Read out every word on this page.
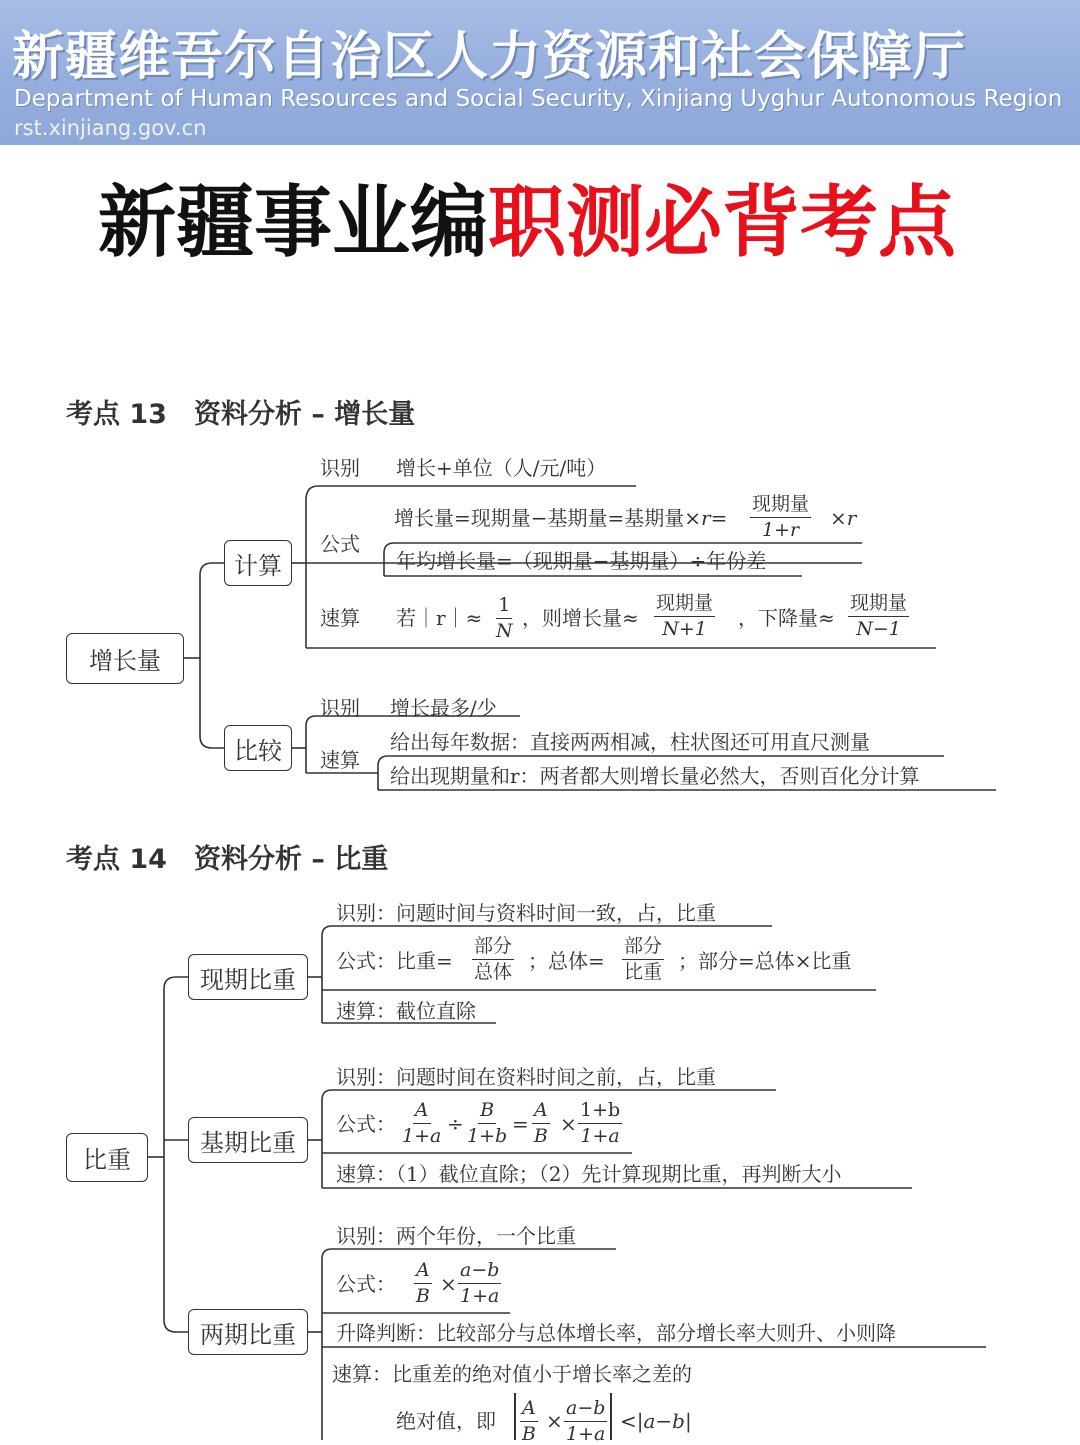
新疆维吾尔自治区人力资源和社会保障厅
Department of Human Resources and Social Security, Xinjiang Uyghur Autonomous Region
rst.xinjiang.gov.cn
新疆事业编职测必背考点
考点 13　资料分析 – 增长量
增长量
计算
比较
识别 增长+单位（人/元/吨）
公式
增长量=现期量−基期量=基期量×r=
现期量
1+r ×r
年均增长量=（现期量−基期量）÷年份差
速算 若｜r｜≈ $\frac{1}{N}$ ，则增长量≈
现期量
N+1 ，下降量≈
现期量
N−1
识别 增长最多/少
速算
给出每年数据：直接两两相减，柱状图还可用直尺测量
给出现期量和r：两者都大则增长量必然大，否则百化分计算
考点 14　资料分析 – 比重
比重
现期比重
基期比重
两期比重
识别：问题时间与资料时间一致，占，比重
公式：比重=
部分
总体 ；总体=
部分
比重 ；部分=总体×比重
速算：截位直除
识别：问题时间在资料时间之前，占，比重
公式： $\frac{A}{1+a} \div \frac{B}{1+b} = \frac{A}{B} \times \frac{1+b}{1+a}$
速算：（1）截位直除；（2）先计算现期比重，再判断大小
识别：两个年份，一个比重
公式： $\frac{A}{B} \times \frac{a-b}{1+a}$
升降判断：比较部分与总体增长率，部分增长率大则升、小则降
速算：比重差的绝对值小于增长率之差的
绝对值，即 $\frac{A}{B} \times \frac{a-b}{1+a} <|a-b|$
